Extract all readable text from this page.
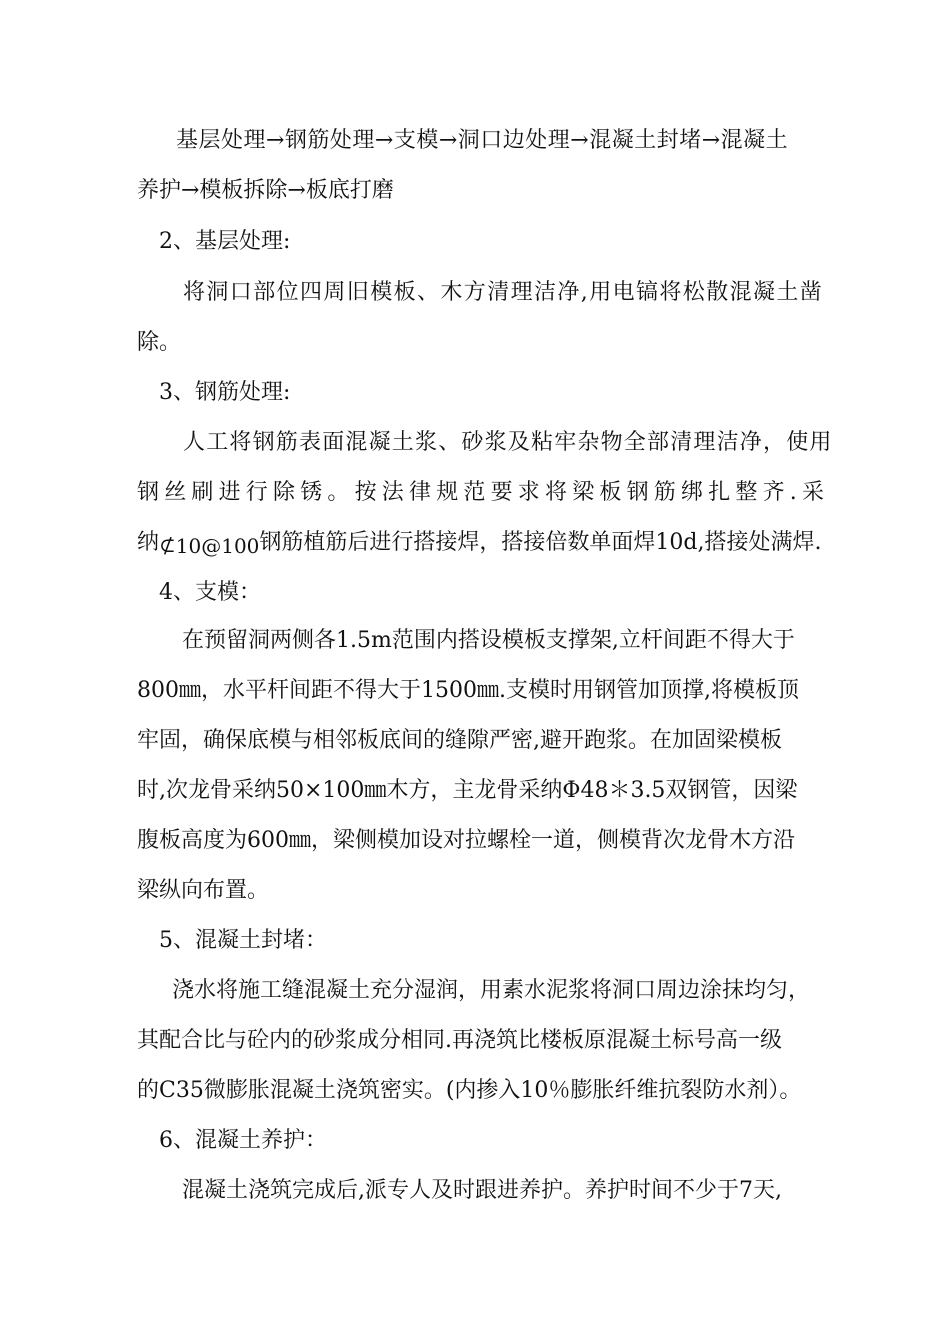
基层处理→钢筋处理→支模→洞口边处理→混凝土封堵→混凝土
养护→模板拆除→板底打磨
2、基层处理:
将洞口部位四周旧模板、木方清理洁净,用电镐将松散混凝土凿
除。
3、钢筋处理:
人工将钢筋表面混凝土浆、砂浆及粘牢杂物全部清理洁净，使用
钢丝刷进行除锈。按法律规范要求将梁板钢筋绑扎整齐.采
纳⊄10@100钢筋植筋后进行搭接焊，搭接倍数单面焊10d,搭接处满焊.
4、支模：
在预留洞两侧各1.5m范围内搭设模板支撑架,立杆间距不得大于
800㎜，水平杆间距不得大于1500㎜.支模时用钢管加顶撑,将模板顶
牢固，确保底模与相邻板底间的缝隙严密,避开跑浆。在加固梁模板
时,次龙骨采纳50×100㎜木方，主龙骨采纳Φ48＊3.5双钢管，因梁
腹板高度为600㎜，梁侧模加设对拉螺栓一道，侧模背次龙骨木方沿
梁纵向布置。
5、混凝土封堵：
浇水将施工缝混凝土充分湿润，用素水泥浆将洞口周边涂抹均匀，
其配合比与砼内的砂浆成分相同.再浇筑比楼板原混凝土标号高一级
的C35微膨胀混凝土浇筑密实。(内掺入10％膨胀纤维抗裂防水剂）。
6、混凝土养护：
混凝土浇筑完成后,派专人及时跟进养护。养护时间不少于7天,
